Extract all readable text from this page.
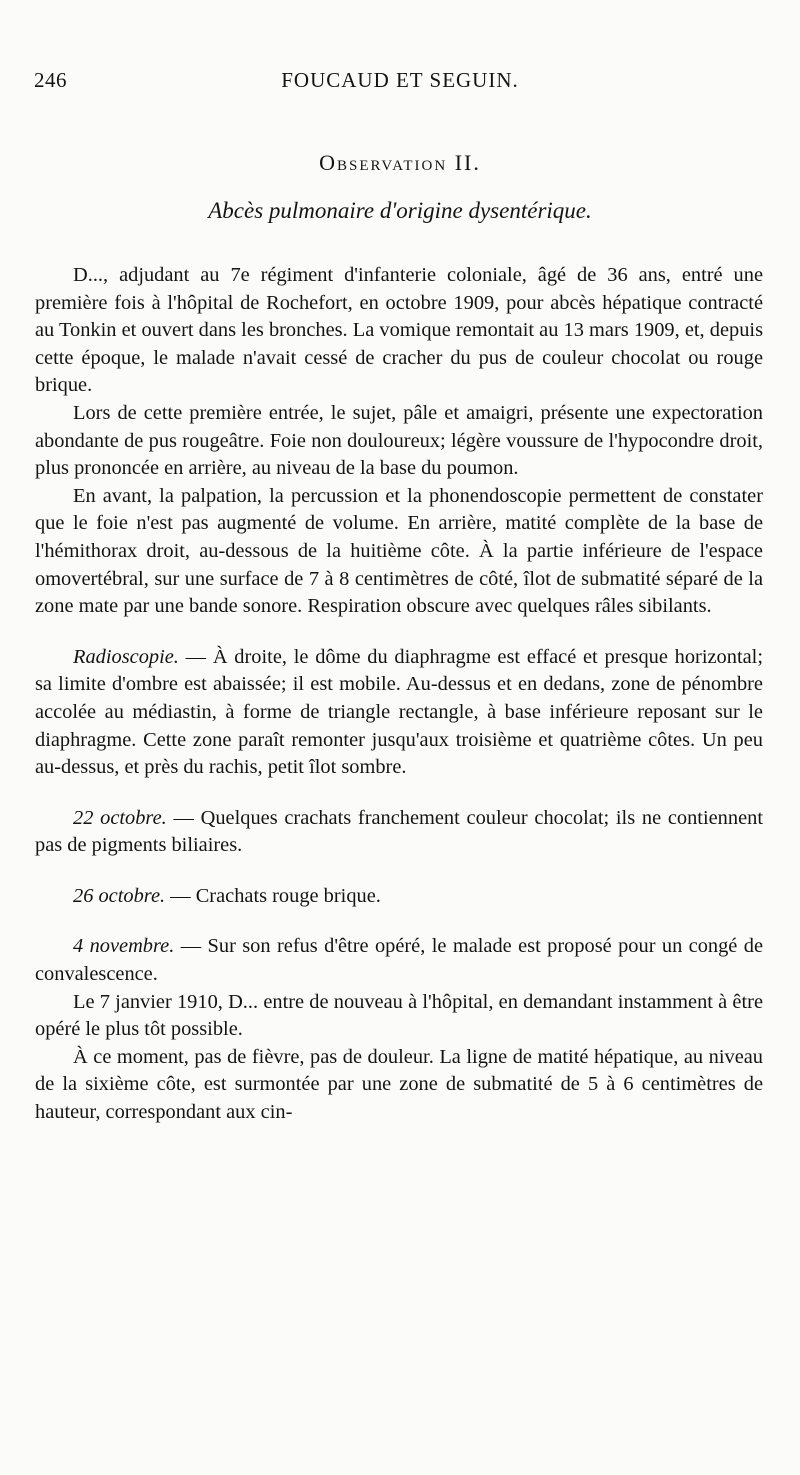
246	FOUCAUD ET SEGUIN.
Observation II.
Abcès pulmonaire d'origine dysentérique.

D..., adjudant au 7e régiment d'infanterie coloniale, âgé de 36 ans, entré une première fois à l'hôpital de Rochefort, en octobre 1909, pour abcès hépatique contracté au Tonkin et ouvert dans les bronches. La vomique remontait au 13 mars 1909, et, depuis cette époque, le malade n'avait cessé de cracher du pus de couleur chocolat ou rouge brique.

Lors de cette première entrée, le sujet, pâle et amaigri, présente une expectoration abondante de pus rougeâtre. Foie non douloureux; légère voussure de l'hypocondre droit, plus prononcée en arrière, au niveau de la base du poumon.

En avant, la palpation, la percussion et la phonendoscopie permettent de constater que le foie n'est pas augmenté de volume. En arrière, matité complète de la base de l'hémithorax droit, au-dessous de la huitième côte. À la partie inférieure de l'espace omovertébral, sur une surface de 7 à 8 centimètres de côté, îlot de submatité séparé de la zone mate par une bande sonore. Respiration obscure avec quelques râles sibilants.

Radioscopie. — À droite, le dôme du diaphragme est effacé et presque horizontal; sa limite d'ombre est abaissée; il est mobile. Au-dessus et en dedans, zone de pénombre accolée au médiastin, à forme de triangle rectangle, à base inférieure reposant sur le diaphragme. Cette zone paraît remonter jusqu'aux troisième et quatrième côtes. Un peu au-dessus, et près du rachis, petit îlot sombre.

22 octobre. — Quelques crachats franchement couleur chocolat; ils ne contiennent pas de pigments biliaires.

26 octobre. — Crachats rouge brique.

4 novembre. — Sur son refus d'être opéré, le malade est proposé pour un congé de convalescence.

Le 7 janvier 1910, D... entre de nouveau à l'hôpital, en demandant instamment à être opéré le plus tôt possible.

À ce moment, pas de fièvre, pas de douleur. La ligne de matité hépatique, au niveau de la sixième côte, est surmontée par une zone de submatité de 5 à 6 centimètres de hauteur, correspondant aux cin-
